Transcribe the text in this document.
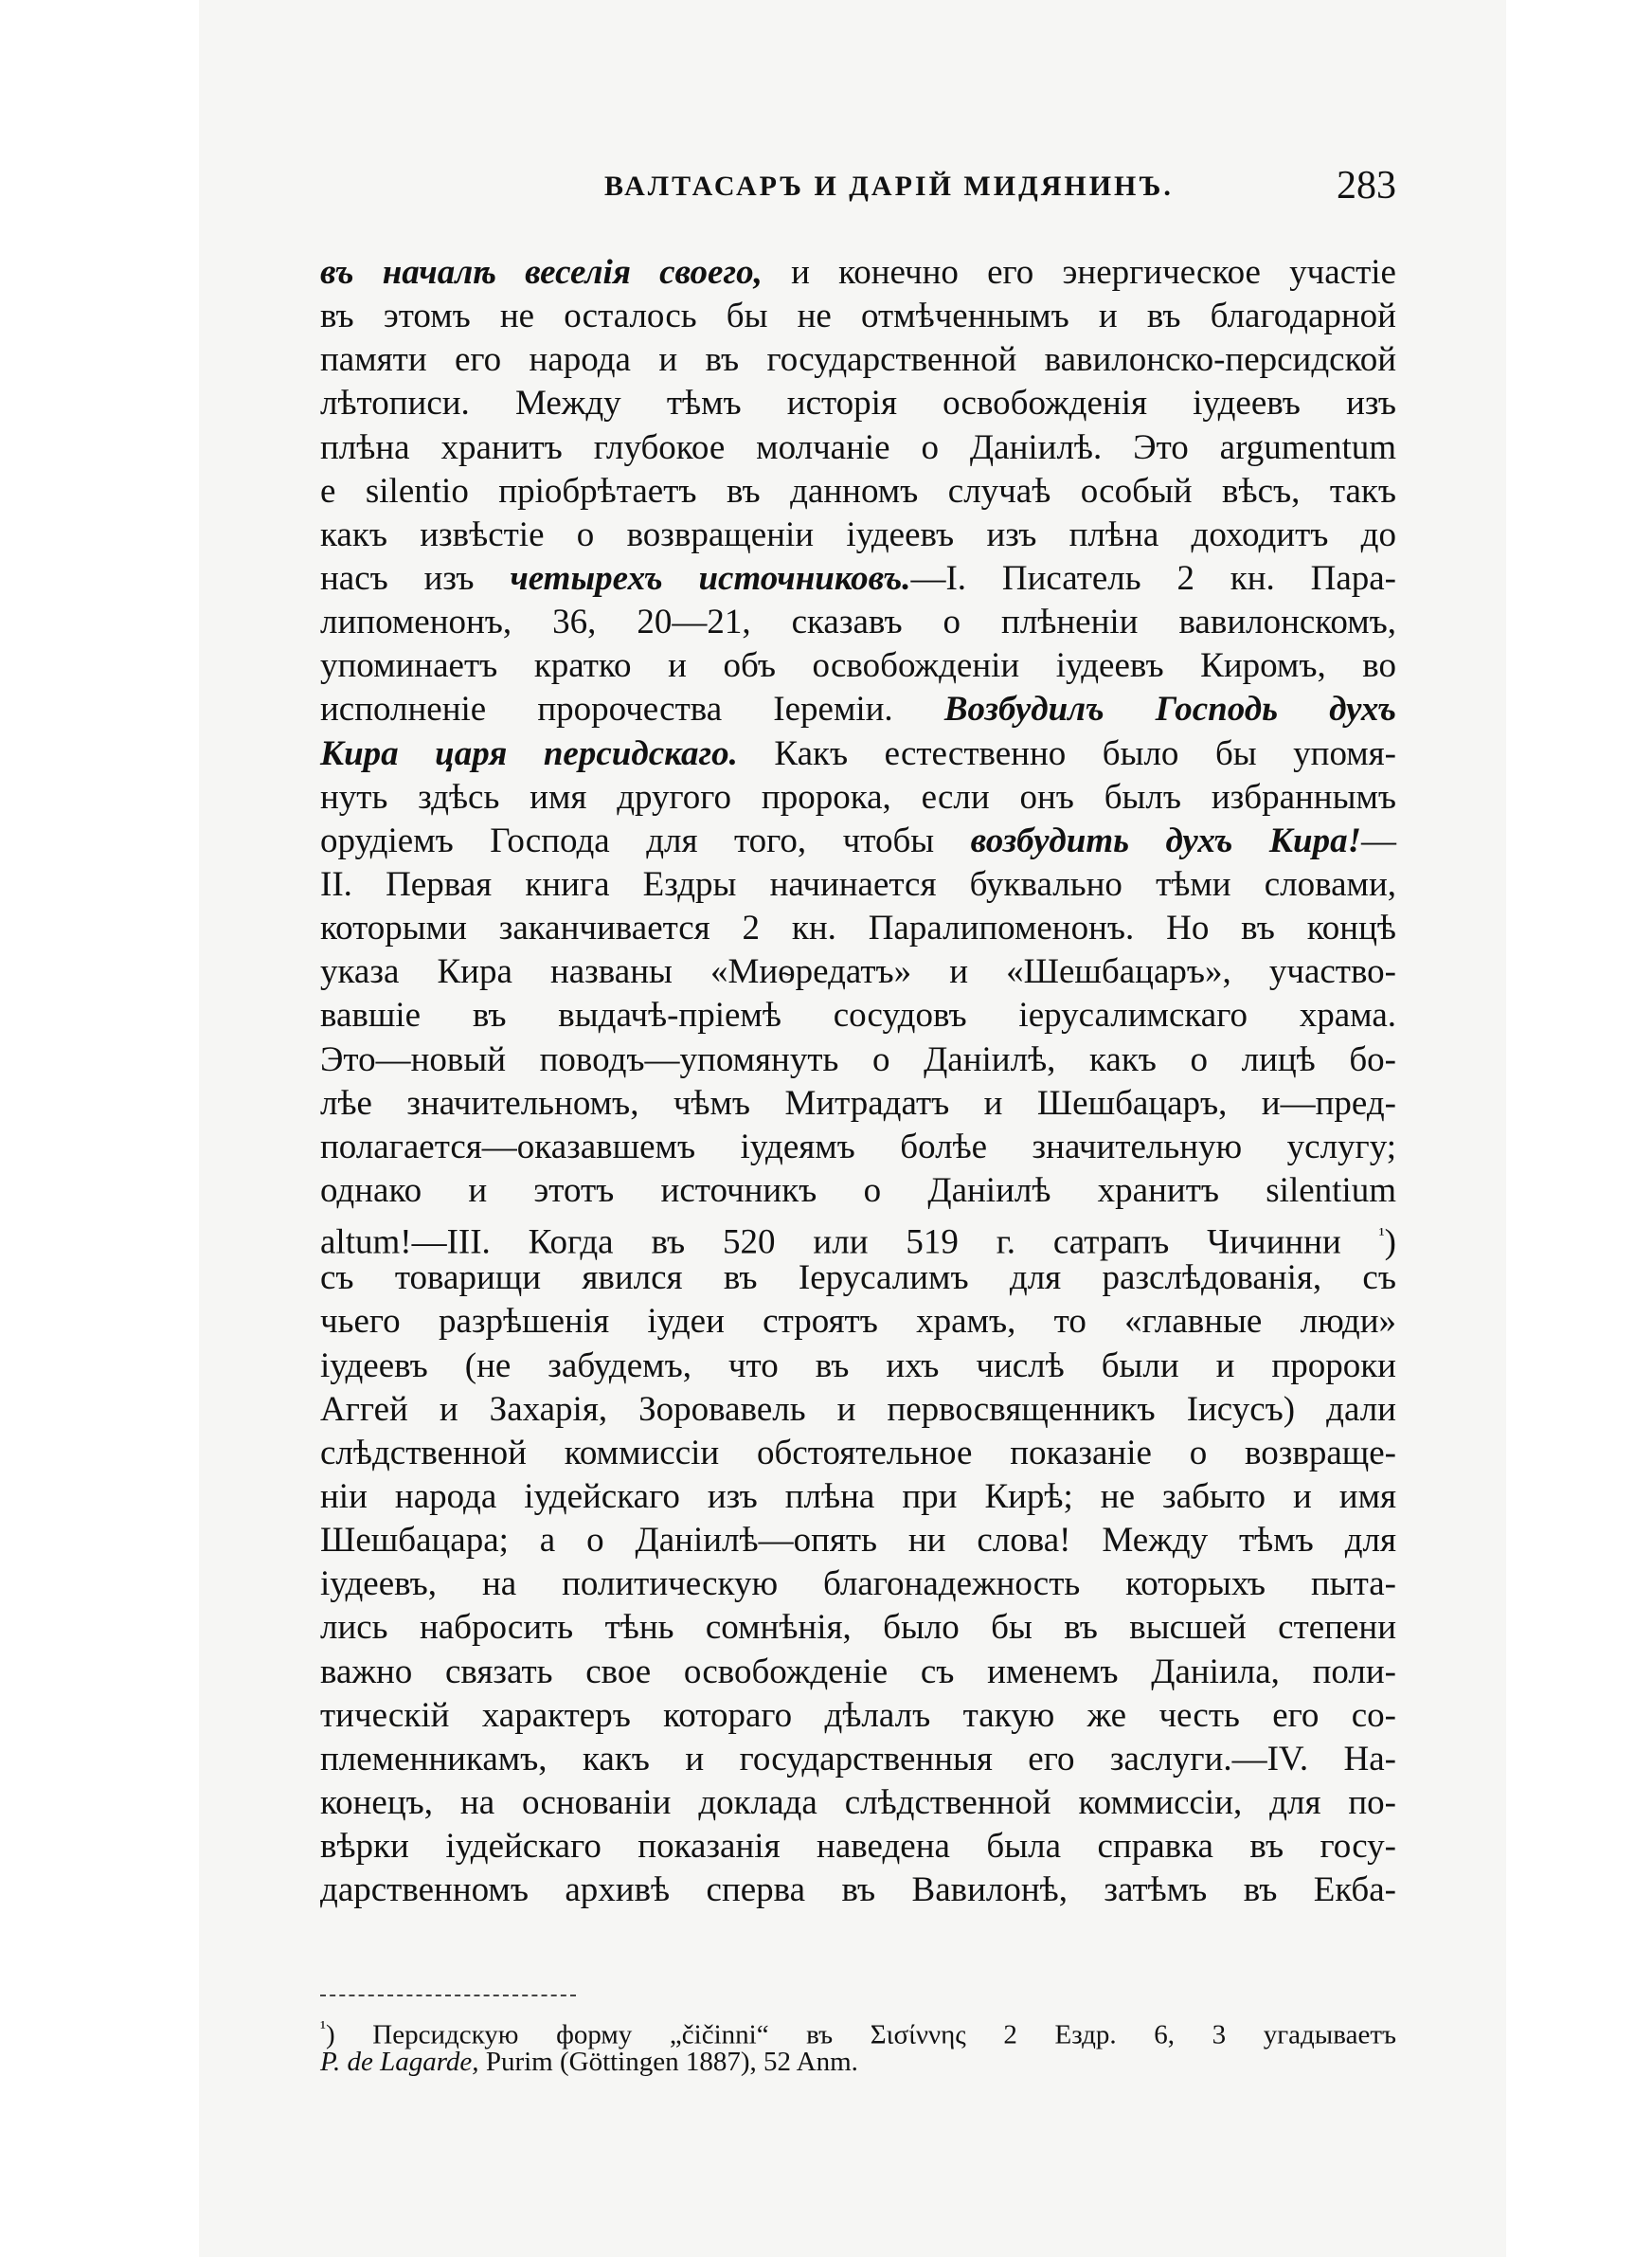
ВАЛТАСАРЪ И ДАРІЙ МИДЯНИНЪ.	283
въ началѣ веселія своего, и конечно его энергическое участіе
въ этомъ не осталось бы не отмѣченнымъ и въ благодарной
памяти его народа и въ государственной вавилонско-персидской
лѣтописи. Между тѣмъ исторія освобожденія іудеевъ изъ
плѣна хранитъ глубокое молчаніе о Даніилѣ. Это argumentum
e silentio пріобрѣтаетъ въ данномъ случаѣ особый вѣсъ, такъ
какъ извѣстіе о возвращеніи іудеевъ изъ плѣна доходитъ до
насъ изъ четырехъ источниковъ.—I. Писатель 2 кн. Пара-
липоменонъ, 36, 20—21, сказавъ о плѣненіи вавилонскомъ,
упоминаетъ кратко и объ освобожденіи іудеевъ Киромъ, во
исполненіе пророчества Іереміи. Возбудилъ Господь духъ
Кира царя персидскаго. Какъ естественно было бы упомя-
нуть здѣсь имя другого пророка, если онъ былъ избраннымъ
орудіемъ Господа для того, чтобы возбудить духъ Кира!—
II. Первая книга Ездры начинается буквально тѣми словами,
которыми заканчивается 2 кн. Паралипоменонъ. Но въ концѣ
указа Кира названы «Миѳредатъ» и «Шешбацаръ», участво-
вавшіе въ выдачѣ-пріемѣ сосудовъ іерусалимскаго храма.
Это—новый поводъ—упомянуть о Даніилѣ, какъ о лицѣ бо-
лѣе значительномъ, чѣмъ Митрадатъ и Шешбацаръ, и—пред-
полагается—оказавшемъ іудеямъ болѣе значительную услугу;
однако и этотъ источникъ о Даніилѣ хранитъ silentium
altum!—III. Когда въ 520 или 519 г. сатрапъ Чичинни $^{^1}$)
съ товарищи явился въ Іерусалимъ для разслѣдованія, съ
чьего разрѣшенія іудеи строятъ храмъ, то «главные люди»
іудеевъ (не забудемъ, что въ ихъ числѣ были и пророки
Аггей и Захарія, Зоровавель и первосвященникъ Іисусъ) дали
слѣдственной коммиссіи обстоятельное показаніе о возвраще-
ніи народа іудейскаго изъ плѣна при Кирѣ; не забыто и имя
Шешбацара; а о Даніилѣ—опять ни слова! Между тѣмъ для
іудеевъ, на политическую благонадежность которыхъ пыта-
лись набросить тѣнь сомнѣнія, было бы въ высшей степени
важно связать свое освобожденіе съ именемъ Даніила, поли-
тическій характеръ котораго дѣлалъ такую же честь его со-
племенникамъ, какъ и государственныя его заслуги.—IV. На-
конецъ, на основаніи доклада слѣдственной коммиссіи, для по-
вѣрки іудейскаго показанія наведена была справка въ госу-
дарственномъ архивѣ сперва въ Вавилонѣ, затѣмъ въ Екба-
$^{^1}$) Персидскую форму „čičinni“ въ Σισίννης 2 Ездр. 6, 3 угадываетъ
P. de Lagarde, Purim (Göttingen 1887), 52 Anm.
